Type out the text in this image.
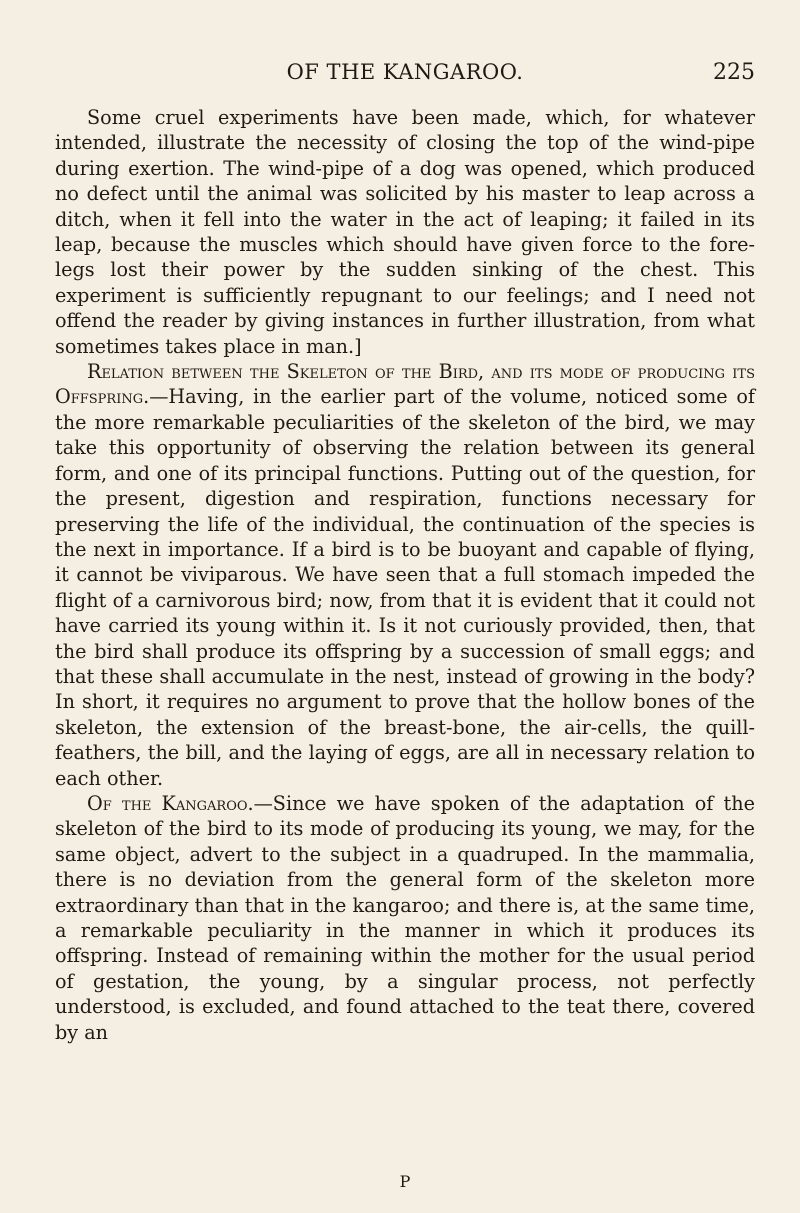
OF THE KANGAROO.	225

Some cruel experiments have been made, which, for whatever intended, illustrate the necessity of closing the top of the wind-pipe during exertion. The wind-pipe of a dog was opened, which produced no defect until the animal was solicited by his master to leap across a ditch, when it fell into the water in the act of leaping; it failed in its leap, because the muscles which should have given force to the fore-legs lost their power by the sudden sinking of the chest. This experiment is sufficiently repugnant to our feelings; and I need not offend the reader by giving instances in further illustration, from what sometimes takes place in man.]

Relation between the Skeleton of the Bird, and its mode of producing its Offspring.—Having, in the earlier part of the volume, noticed some of the more remarkable peculiarities of the skeleton of the bird, we may take this opportunity of observing the relation between its general form, and one of its principal functions. Putting out of the question, for the present, digestion and respiration, functions necessary for preserving the life of the individual, the continuation of the species is the next in importance. If a bird is to be buoyant and capable of flying, it cannot be viviparous. We have seen that a full stomach impeded the flight of a carnivorous bird; now, from that it is evident that it could not have carried its young within it. Is it not curiously provided, then, that the bird shall produce its offspring by a succession of small eggs; and that these shall accumulate in the nest, instead of growing in the body? In short, it requires no argument to prove that the hollow bones of the skeleton, the extension of the breast-bone, the air-cells, the quill-feathers, the bill, and the laying of eggs, are all in necessary relation to each other.

Of the Kangaroo.—Since we have spoken of the adaptation of the skeleton of the bird to its mode of producing its young, we may, for the same object, advert to the subject in a quadruped. In the mammalia, there is no deviation from the general form of the skeleton more extraordinary than that in the kangaroo; and there is, at the same time, a remarkable peculiarity in the manner in which it produces its offspring. Instead of remaining within the mother for the usual period of gestation, the young, by a singular process, not perfectly understood, is excluded, and found attached to the teat there, covered by an

P
